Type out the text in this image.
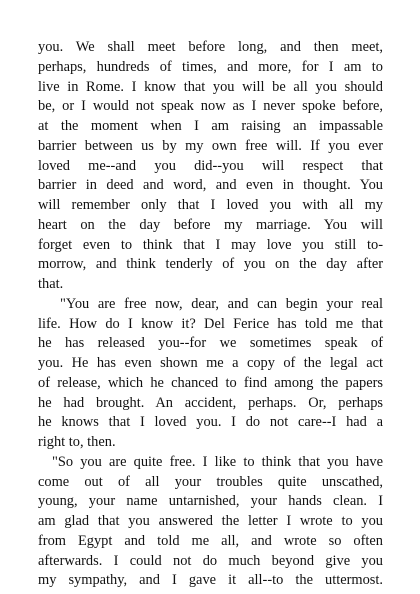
you. We shall meet before long, and then meet,
perhaps, hundreds of times, and more, for I am to
live in Rome. I know that you will be all you should
be, or I would not speak now as I never spoke before,
at the moment when I am raising an impassable
barrier between us by my own free will. If you ever
loved me--and you did--you will respect that
barrier in deed and word, and even in thought. You
will remember only that I loved you with all my
heart on the day before my marriage. You will
forget even to think that I may love you still to-
morrow, and think tenderly of you on the day after
that.
"You are free now, dear, and can begin your real
life. How do I know it? Del Ferice has told me that
he has released you--for we sometimes speak of
you. He has even shown me a copy of the legal act
of release, which he chanced to find among the papers
he had brought. An accident, perhaps. Or, perhaps
he knows that I loved you. I do not care--I had a
right to, then.
"So you are quite free. I like to think that you have
come out of all your troubles quite unscathed,
young, your name untarnished, your hands clean. I
am glad that you answered the letter I wrote to you
from Egypt and told me all, and wrote so often
afterwards. I could not do much beyond give you
my sympathy, and I gave it all--to the uttermost.
